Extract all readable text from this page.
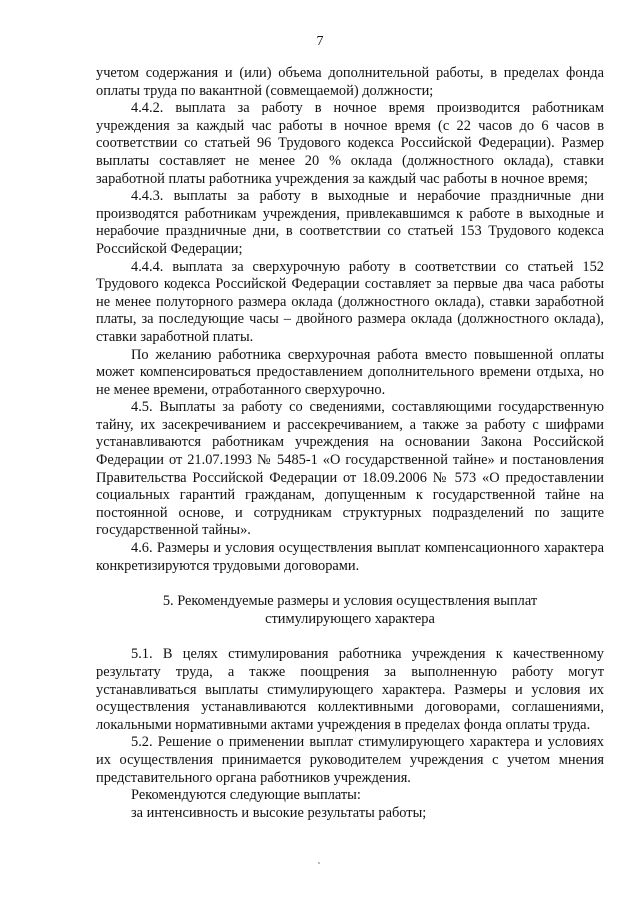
7

учетом содержания и (или) объема дополнительной работы, в пределах фонда оплаты труда по вакантной (совмещаемой) должности;

4.4.2. выплата за работу в ночное время производится работникам учреждения за каждый час работы в ночное время (с 22 часов до 6 часов в соответствии со статьей 96 Трудового кодекса Российской Федерации). Размер выплаты составляет не менее 20 % оклада (должностного оклада), ставки заработной платы работника учреждения за каждый час работы в ночное время;

4.4.3. выплаты за работу в выходные и нерабочие праздничные дни производятся работникам учреждения, привлекавшимся к работе в выходные и нерабочие праздничные дни, в соответствии со статьей 153 Трудового кодекса Российской Федерации;

4.4.4. выплата за сверхурочную работу в соответствии со статьей 152 Трудового кодекса Российской Федерации составляет за первые два часа работы не менее полуторного размера оклада (должностного оклада), ставки заработной платы, за последующие часы – двойного размера оклада (должностного оклада), ставки заработной платы.

По желанию работника сверхурочная работа вместо повышенной оплаты может компенсироваться предоставлением дополнительного времени отдыха, но не менее времени, отработанного сверхурочно.

4.5. Выплаты за работу со сведениями, составляющими государственную тайну, их засекречиванием и рассекречиванием, а также за работу с шифрами устанавливаются работникам учреждения на основании Закона Российской Федерации от 21.07.1993 № 5485-1 «О государственной тайне» и постановления Правительства Российской Федерации от 18.09.2006 № 573 «О предоставлении социальных гарантий гражданам, допущенным к государственной тайне на постоянной основе, и сотрудникам структурных подразделений по защите государственной тайны».

4.6. Размеры и условия осуществления выплат компенсационного характера конкретизируются трудовыми договорами.

5. Рекомендуемые размеры и условия осуществления выплат
стимулирующего характера

5.1. В целях стимулирования работника учреждения к качественному результату труда, а также поощрения за выполненную работу могут устанавливаться выплаты стимулирующего характера. Размеры и условия их осуществления устанавливаются коллективными договорами, соглашениями, локальными нормативными актами учреждения в пределах фонда оплаты труда.

5.2. Решение о применении выплат стимулирующего характера и условиях их осуществления принимается руководителем учреждения с учетом мнения представительного органа работников учреждения.

Рекомендуются следующие выплаты:

за интенсивность и высокие результаты работы;
